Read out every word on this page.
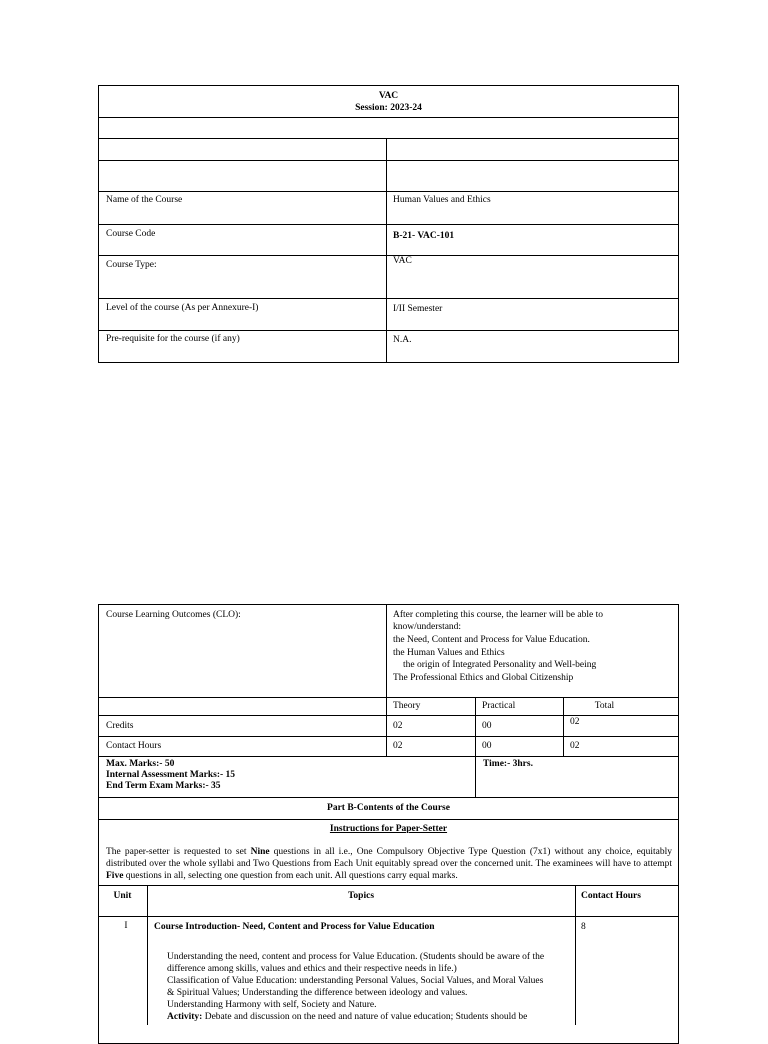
VAC
Session: 2023-24
Name of the Course	Human Values and Ethics
Course Code	B-21- VAC-101
Course Type:	VAC
Level of the course (As per Annexure-I)	I/II Semester
Pre-requisite for the course (if any)	N.A.
Course Learning Outcomes (CLO):	After completing this course, the learner will be able to
know/understand:
the Need, Content and Process for Value Education.
the Human Values and Ethics
the origin of Integrated Personality and Well-being
The Professional Ethics and Global Citizenship
Theory	Practical	Total
Credits	02	00	02
Contact Hours	02	00	02
Max. Marks:- 50
Internal Assessment Marks:- 15
End Term Exam Marks:- 35
Time:- 3hrs.
Part B-Contents of the Course
Instructions for Paper-Setter
The paper-setter is requested to set Nine questions in all i.e., One Compulsory Objective Type Question (7x1) without any choice, equitably distributed over the whole syllabi and Two Questions from Each Unit equitably spread over the concerned unit. The examinees will have to attempt Five questions in all, selecting one question from each unit. All questions carry equal marks.
Unit	Topics	Contact Hours
I	Course Introduction- Need, Content and Process for Value Education	8
Understanding the need, content and process for Value Education. (Students should be aware of the
difference among skills, values and ethics and their respective needs in life.)
Classification of Value Education: understanding Personal Values, Social Values, and Moral Values
& Spiritual Values; Understanding the difference between ideology and values.
Understanding Harmony with self, Society and Nature.
Activity: Debate and discussion on the need and nature of value education; Students should be
